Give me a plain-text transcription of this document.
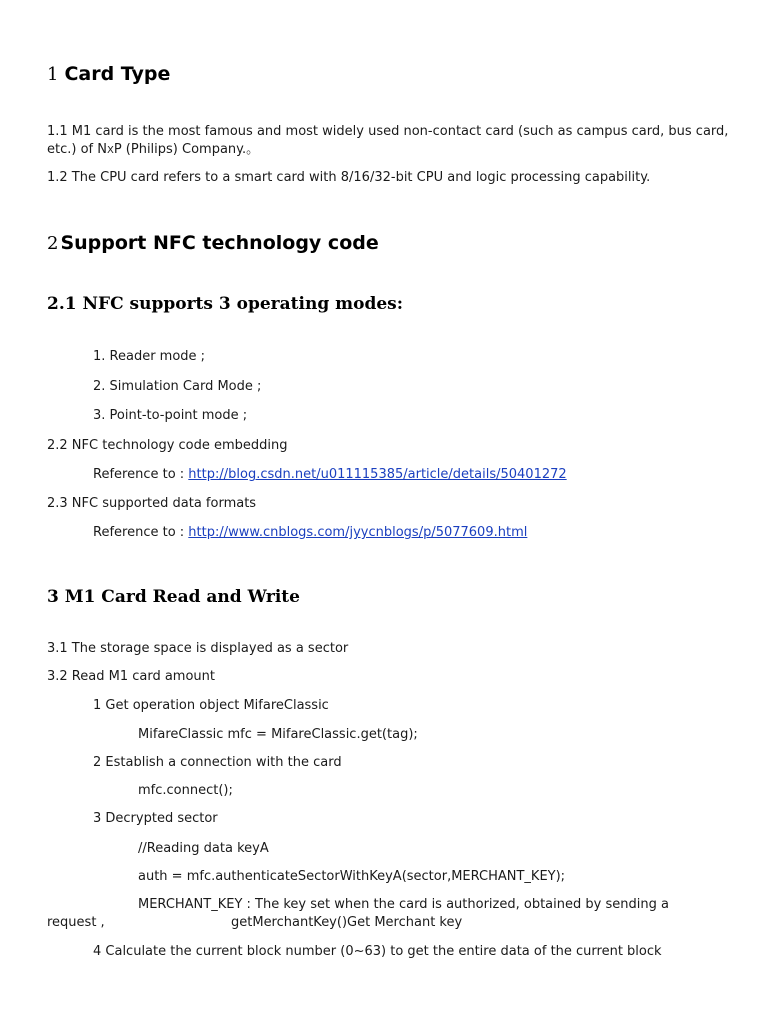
1 Card Type
1.1 M1 card is the most famous and most widely used non-contact card (such as campus card, bus card,
etc.) of NXP (Philips) Company.。
1.2 The CPU card refers to a smart card with 8/16/32-bit CPU and logic processing capability.
2 Support NFC technology code
2.1 NFC supports 3 operating modes:
1. Reader mode ;
2. Simulation Card Mode ;
3. Point-to-point mode ;
2.2 NFC technology code embedding
Reference to : http://blog.csdn.net/u011115385/article/details/50401272
2.3 NFC supported data formats
Reference to : http://www.cnblogs.com/jyycnblogs/p/5077609.html
3 M1 Card Read and Write
3.1 The storage space is displayed as a sector
3.2 Read M1 card amount
1 Get operation object MifareClassic
MifareClassic mfc = MifareClassic.get(tag);
2 Establish a connection with the card
mfc.connect();
3 Decrypted sector
//Reading data keyA
auth = mfc.authenticateSectorWithKeyA(sector,MERCHANT_KEY);
MERCHANT_KEY : The key set when the card is authorized, obtained by sending a
request ,	getMerchantKey()Get Merchant key
4 Calculate the current block number (0~63) to get the entire data of the current block
